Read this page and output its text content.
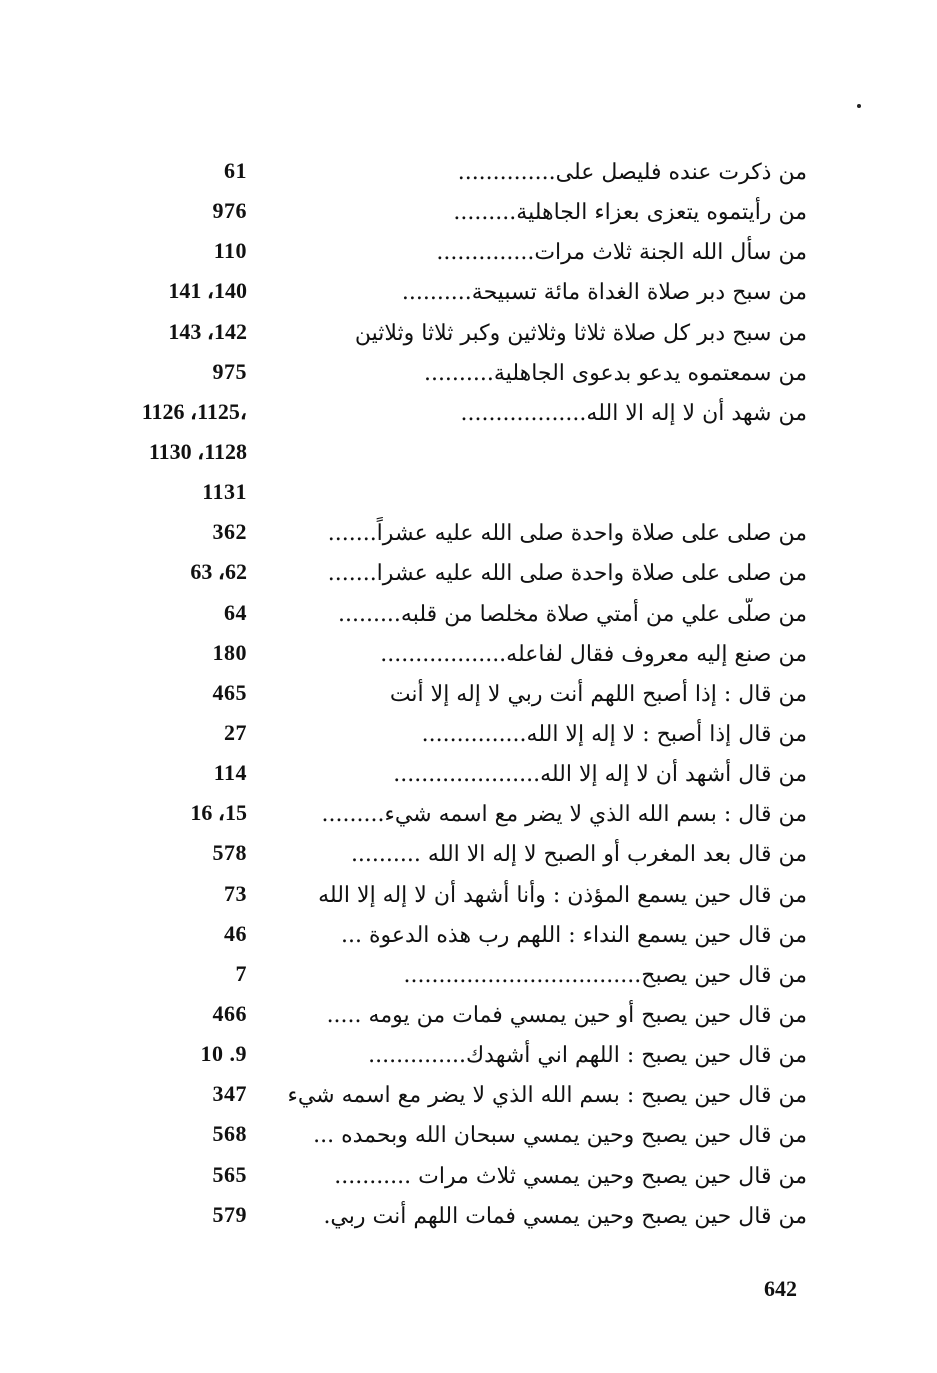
من ذكرت عنده فليصل على..............
61
من رأيتموه يتعزى بعزاء الجاهلية.........
976
من سأل الله الجنة ثلاث مرات..............
110
من سبح دبر صلاة الغداة مائة تسبيحة..........
141 ،140
من سبح دبر كل صلاة ثلاثا وثلاثين وكبر ثلاثا وثلاثين
143 ،142
من سمعتموه يدعو بدعوى الجاهلية..........
975
من شهد أن لا إله الا الله..................
1126 ،1125،
1130 ،1128
1131
من صلى على صلاة واحدة صلى الله عليه عشراً.......
362
من صلى على صلاة واحدة صلى الله عليه عشرا.......
63 ،62
من صلّى علي من أمتي صلاة مخلصا من قلبه.........
64
من صنع إليه معروف فقال لفاعله..................
180
من قال : إذا أصبح اللهم أنت ربي لا إله إلا أنت
465
من قال إذا أصبح : لا إله إلا الله...............
27
من قال أشهد أن لا إله إلا الله.....................
114
من قال : بسم الله الذي لا يضر مع اسمه شيء.........
16 ،15
من قال بعد المغرب أو الصبح لا إله الا الله ..........
578
من قال حين يسمع المؤذن : وأنا أشهد أن لا إله إلا الله
73
من قال حين يسمع النداء : اللهم رب هذه الدعوة ...
46
من قال حين يصبح..................................
7
من قال حين يصبح أو حين يمسي فمات من يومه .....
466
من قال حين يصبح : اللهم اني أشهدك..............
10 .9
من قال حين يصبح : بسم الله الذي لا يضر مع اسمه شيء
347
من قال حين يصبح وحين يمسي سبحان الله وبحمده ...
568
من قال حين يصبح وحين يمسي ثلاث مرات ...........
565
من قال حين يصبح وحين يمسي فمات اللهم أنت ربي.
579
642
